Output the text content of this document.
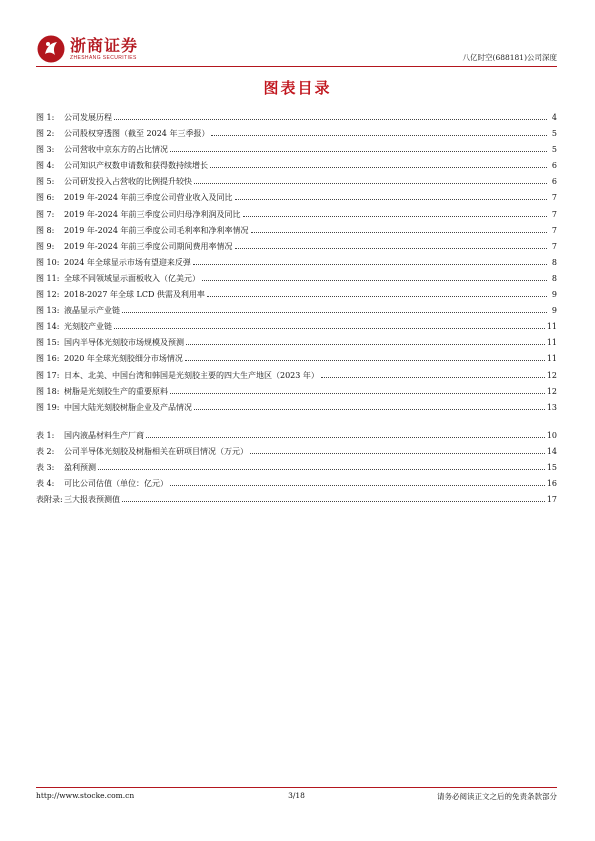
浙商证券
ZHESHANG SECURITIES	八亿时空(688181)公司深度
图表目录
图 1:	公司发展历程	4
图 2:	公司股权穿透图（截至 2024 年三季报）	5
图 3:	公司营收中京东方的占比情况	5
图 4:	公司知识产权数申请数和获得数持续增长	6
图 5:	公司研发投入占营收的比例提升较快	6
图 6:	2019 年-2024 年前三季度公司营业收入及同比	7
图 7:	2019 年-2024 年前三季度公司归母净利润及同比	7
图 8:	2019 年-2024 年前三季度公司毛利率和净利率情况	7
图 9:	2019 年-2024 年前三季度公司期间费用率情况	7
图 10: 2024 年全球显示市场有望迎来反弹	8
图 11: 全球不同领域显示面板收入（亿美元）	8
图 12: 2018-2027 年全球 LCD 供需及利用率	9
图 13: 液晶显示产业链	9
图 14: 光刻胶产业链	11
图 15: 国内半导体光刻胶市场规模及预测	11
图 16: 2020 年全球光刻胶细分市场情况	11
图 17: 日本、北美、中国台湾和韩国是光刻胶主要的四大生产地区（2023 年）	12
图 18: 树脂是光刻胶生产的重要原料	12
图 19: 中国大陆光刻胶树脂企业及产品情况	13
表 1:	国内液晶材料生产厂商	10
表 2:	公司半导体光刻胶及树脂相关在研项目情况（万元）	14
表 3:	盈利预测	15
表 4:	可比公司估值（单位：亿元）	16
表附录: 三大报表预测值	17
http://www.stocke.com.cn	3/18	请务必阅读正文之后的免责条款部分
